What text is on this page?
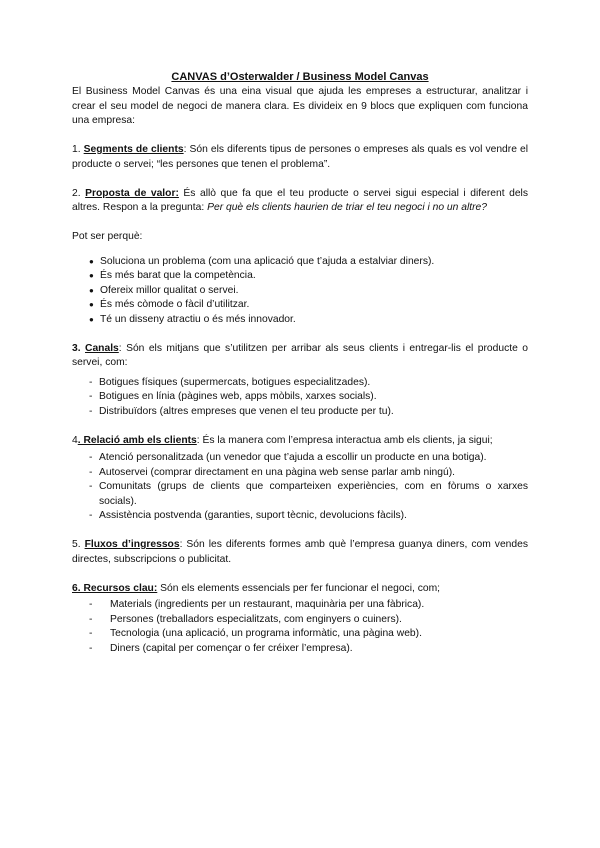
CANVAS d’Osterwalder / Business Model Canvas

El Business Model Canvas és una eina visual que ajuda les empreses a estructurar, analitzar i crear el seu model de negoci de manera clara. Es divideix en 9 blocs que expliquen com funciona una empresa:

1. Segments de clients: Són els diferents tipus de persones o empreses als quals es vol vendre el producte o servei; “les persones que tenen el problema”.

2. Proposta de valor: És allò que fa que el teu producte o servei sigui especial i diferent dels altres. Respon a la pregunta: Per què els clients haurien de triar el teu negoci i no un altre?

Pot ser perquè:

● Soluciona un problema (com una aplicació que t’ajuda a estalviar diners).
● És més barat que la competència.
● Ofereix millor qualitat o servei.
● És més còmode o fàcil d’utilitzar.
● Té un disseny atractiu o és més innovador.

3. Canals: Són els mitjans que s’utilitzen per arribar als seus clients i entregar-lis el producte o servei, com:

- Botigues físiques (supermercats, botigues especialitzades).
- Botigues en línia (pàgines web, apps mòbils, xarxes socials).
- Distribuïdors (altres empreses que venen el teu producte per tu).

4. Relació amb els clients: És la manera com l’empresa interactua amb els clients, ja sigui;

- Atenció personalitzada (un venedor que t’ajuda a escollir un producte en una botiga).
- Autoservei (comprar directament en una pàgina web sense parlar amb ningú).
- Comunitats (grups de clients que comparteixen experiències, com en fòrums o xarxes socials).
- Assistència postvenda (garanties, suport tècnic, devolucions fàcils).

5. Fluxos d’ingressos: Són les diferents formes amb què l’empresa guanya diners, com vendes directes, subscripcions o publicitat.

6. Recursos clau: Són els elements essencials per fer funcionar el negoci, com;

- Materials (ingredients per un restaurant, maquinària per una fàbrica).
- Persones (treballadors especialitzats, com enginyers o cuiners).
- Tecnologia (una aplicació, un programa informàtic, una pàgina web).
- Diners (capital per començar o fer créixer l’empresa).
